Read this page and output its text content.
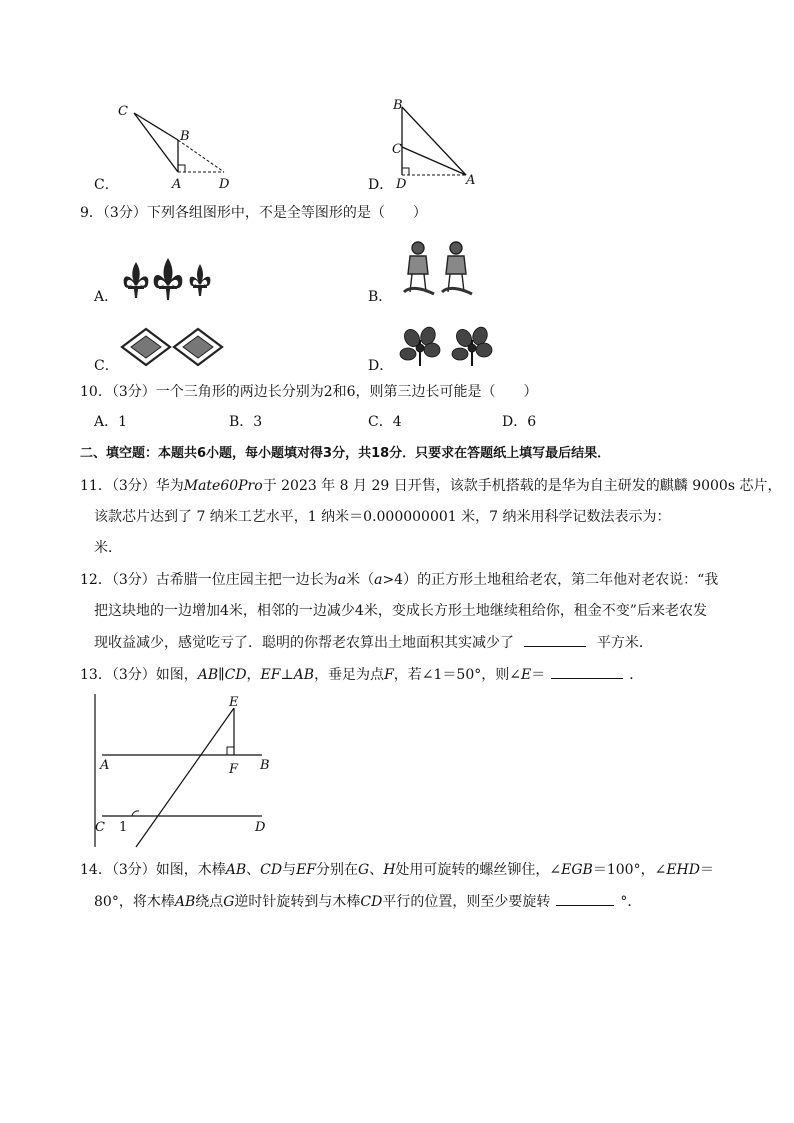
C
B
A	D
C．
B
C
D	A
D．
9．（3分）下列各组图形中，不是全等图形的是（　　）
A．	B．
C．	D．
10．（3分）一个三角形的两边长分别为2和6，则第三边长可能是（　　）
A．1	B．3	C．4	D．6
二、填空题：本题共6小题，每小题填对得3分，共18分．只要求在答题纸上填写最后结果．
11．（3分）华为Mate60Pro于 2023 年 8 月 29 日开售，该款手机搭载的是华为自主研发的麒麟 9000s 芯片，
该款芯片达到了 7 纳米工艺水平，1 纳米＝0.000000001 米，7 纳米用科学记数法表示为：
米．
12．（3分）古希腊一位庄园主把一边长为a米（a>4）的正方形土地租给老农，第二年他对老农说：“我
把这块地的一边增加4米，相邻的一边减少4米，变成长方形土地继续租给你，租金不变”后来老农发
现收益减少，感觉吃亏了．聪明的你帮老农算出土地面积其实减少了	平方米．
13．（3分）如图，AB∥CD，EF⊥AB，垂足为点F，若∠1＝50°，则∠E＝	．
E
A	F B
C 1	D
14．（3分）如图，木棒AB、CD与EF分别在G、H处用可旋转的螺丝铆住，∠EGB＝100°，∠EHD＝
80°，将木棒AB绕点G逆时针旋转到与木棒CD平行的位置，则至少要旋转	°．
